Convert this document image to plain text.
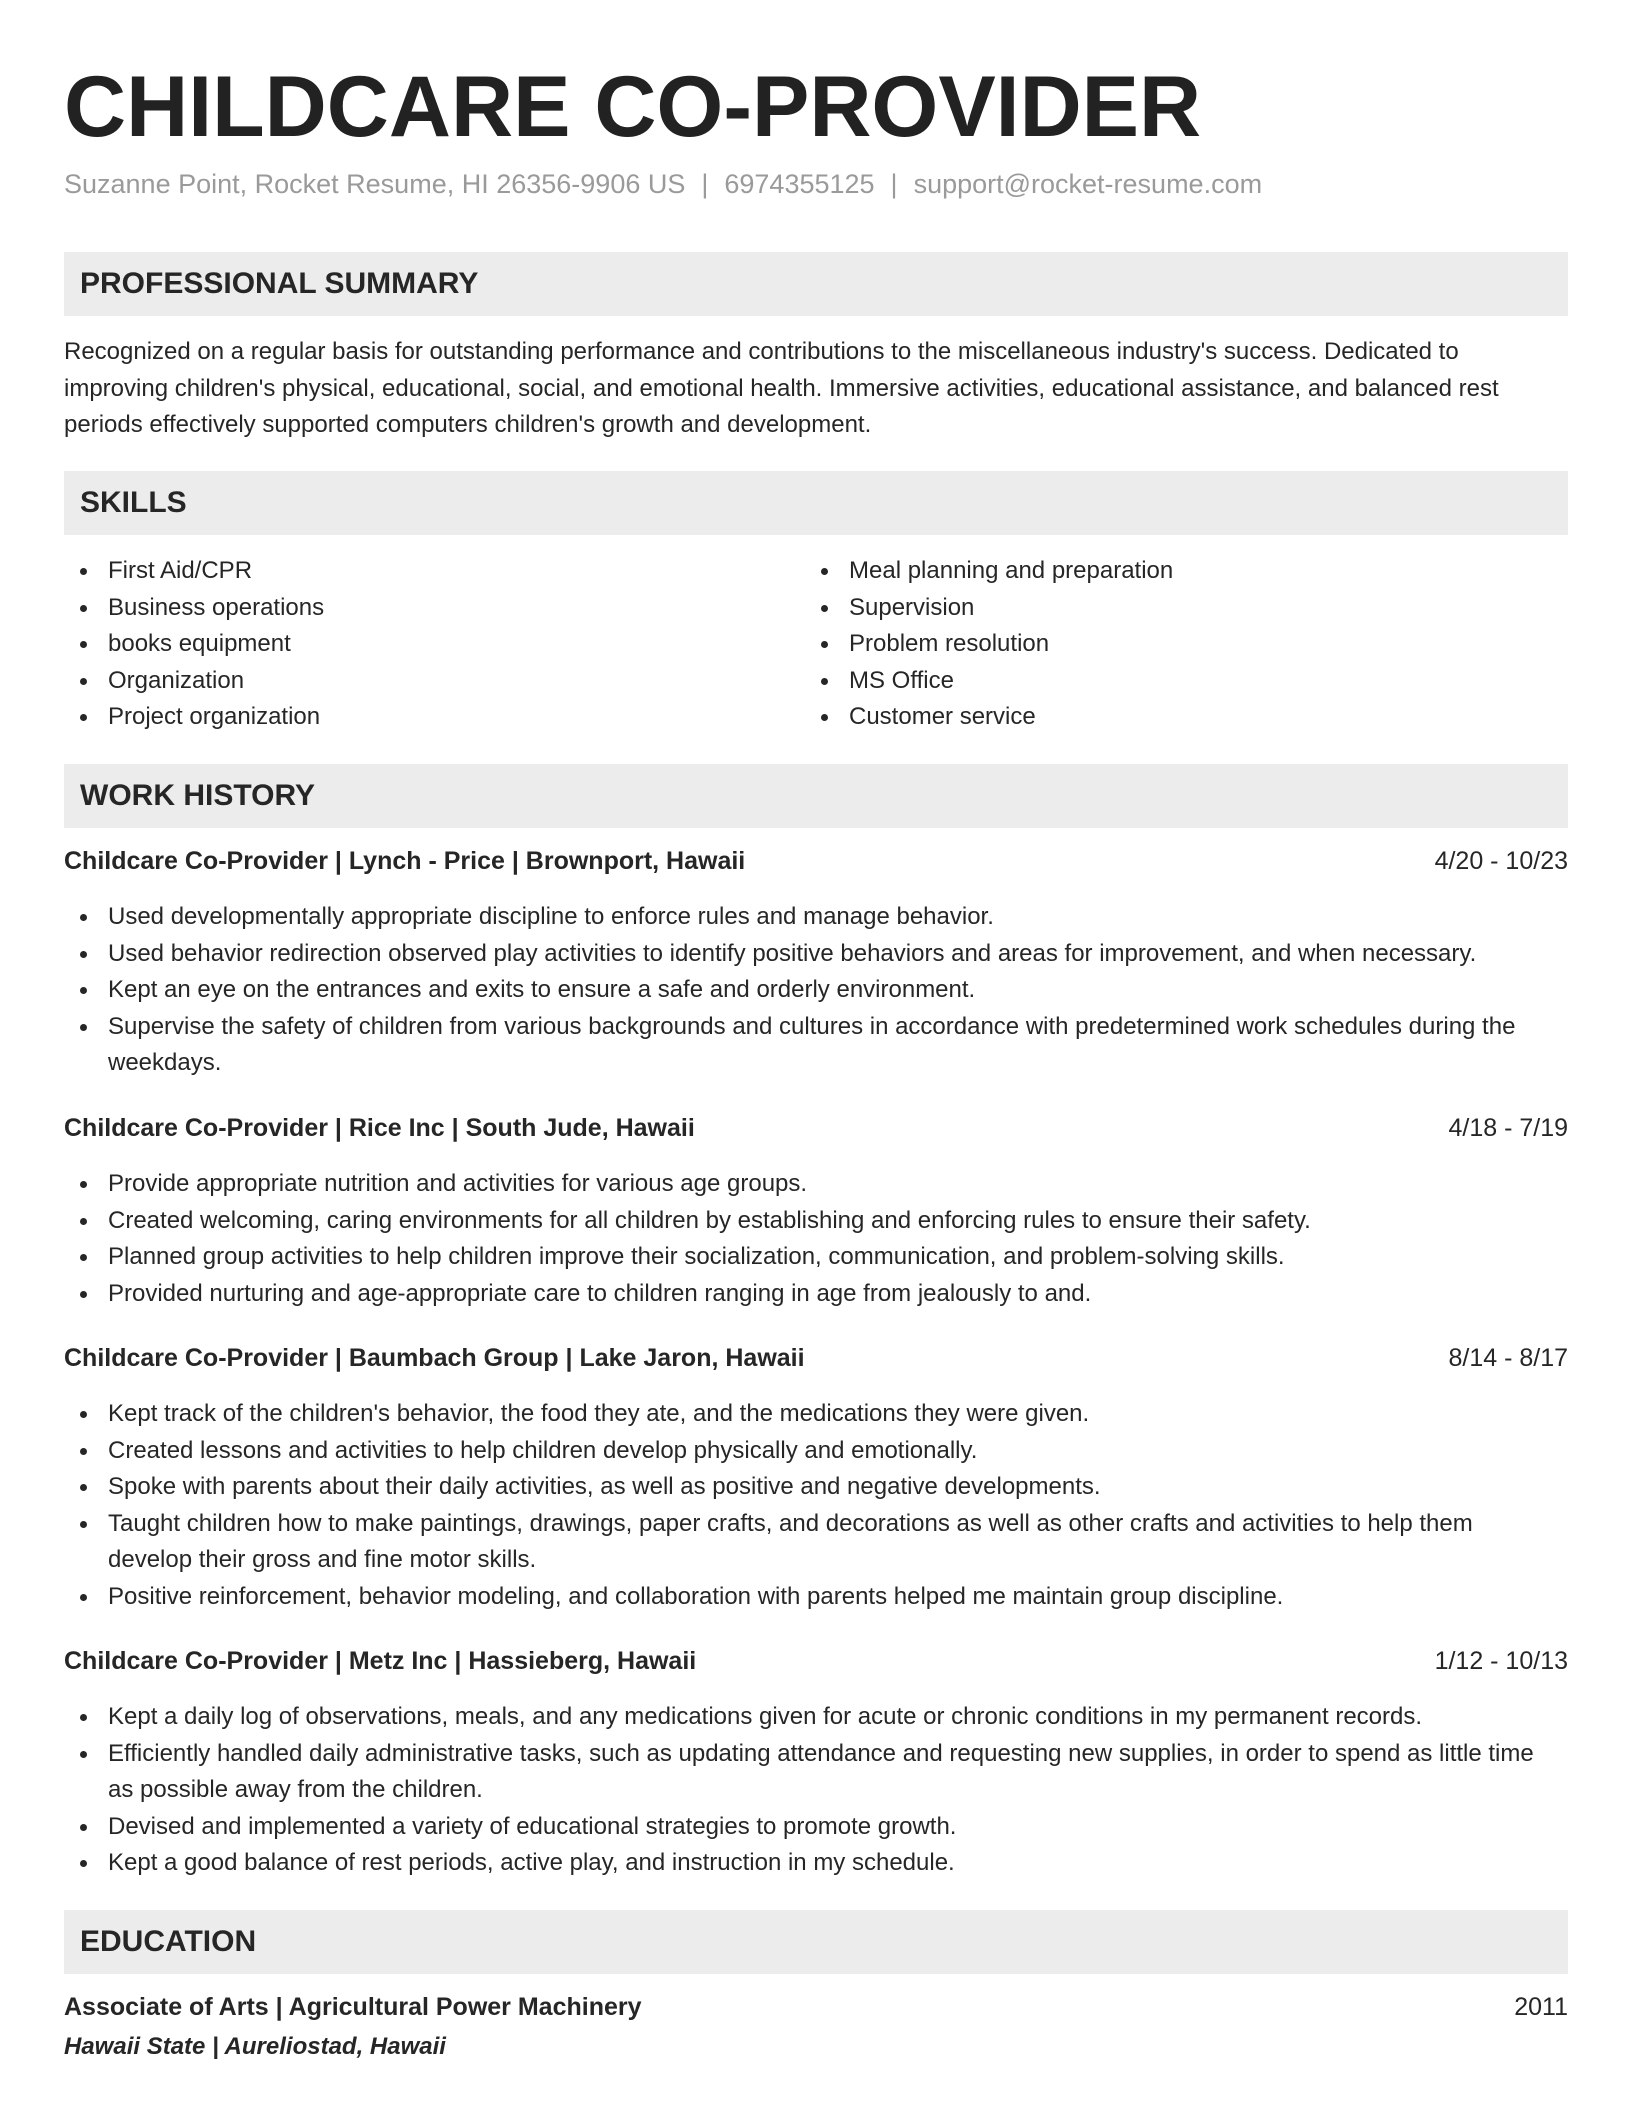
CHILDCARE CO-PROVIDER
Suzanne Point, Rocket Resume, HI 26356-9906 US | 6974355125 | support@rocket-resume.com
PROFESSIONAL SUMMARY
Recognized on a regular basis for outstanding performance and contributions to the miscellaneous industry's success. Dedicated to improving children's physical, educational, social, and emotional health. Immersive activities, educational assistance, and balanced rest periods effectively supported computers children's growth and development.
SKILLS
First Aid/CPR
Business operations
books equipment
Organization
Project organization
Meal planning and preparation
Supervision
Problem resolution
MS Office
Customer service
WORK HISTORY
Childcare Co-Provider | Lynch - Price | Brownport, Hawaii	4/20 - 10/23
Used developmentally appropriate discipline to enforce rules and manage behavior.
Used behavior redirection observed play activities to identify positive behaviors and areas for improvement, and when necessary.
Kept an eye on the entrances and exits to ensure a safe and orderly environment.
Supervise the safety of children from various backgrounds and cultures in accordance with predetermined work schedules during the weekdays.
Childcare Co-Provider | Rice Inc | South Jude, Hawaii	4/18 - 7/19
Provide appropriate nutrition and activities for various age groups.
Created welcoming, caring environments for all children by establishing and enforcing rules to ensure their safety.
Planned group activities to help children improve their socialization, communication, and problem-solving skills.
Provided nurturing and age-appropriate care to children ranging in age from jealously to and.
Childcare Co-Provider | Baumbach Group | Lake Jaron, Hawaii	8/14 - 8/17
Kept track of the children's behavior, the food they ate, and the medications they were given.
Created lessons and activities to help children develop physically and emotionally.
Spoke with parents about their daily activities, as well as positive and negative developments.
Taught children how to make paintings, drawings, paper crafts, and decorations as well as other crafts and activities to help them develop their gross and fine motor skills.
Positive reinforcement, behavior modeling, and collaboration with parents helped me maintain group discipline.
Childcare Co-Provider | Metz Inc | Hassieberg, Hawaii	1/12 - 10/13
Kept a daily log of observations, meals, and any medications given for acute or chronic conditions in my permanent records.
Efficiently handled daily administrative tasks, such as updating attendance and requesting new supplies, in order to spend as little time as possible away from the children.
Devised and implemented a variety of educational strategies to promote growth.
Kept a good balance of rest periods, active play, and instruction in my schedule.
EDUCATION
Associate of Arts | Agricultural Power Machinery	2011
Hawaii State | Aureliostad, Hawaii
